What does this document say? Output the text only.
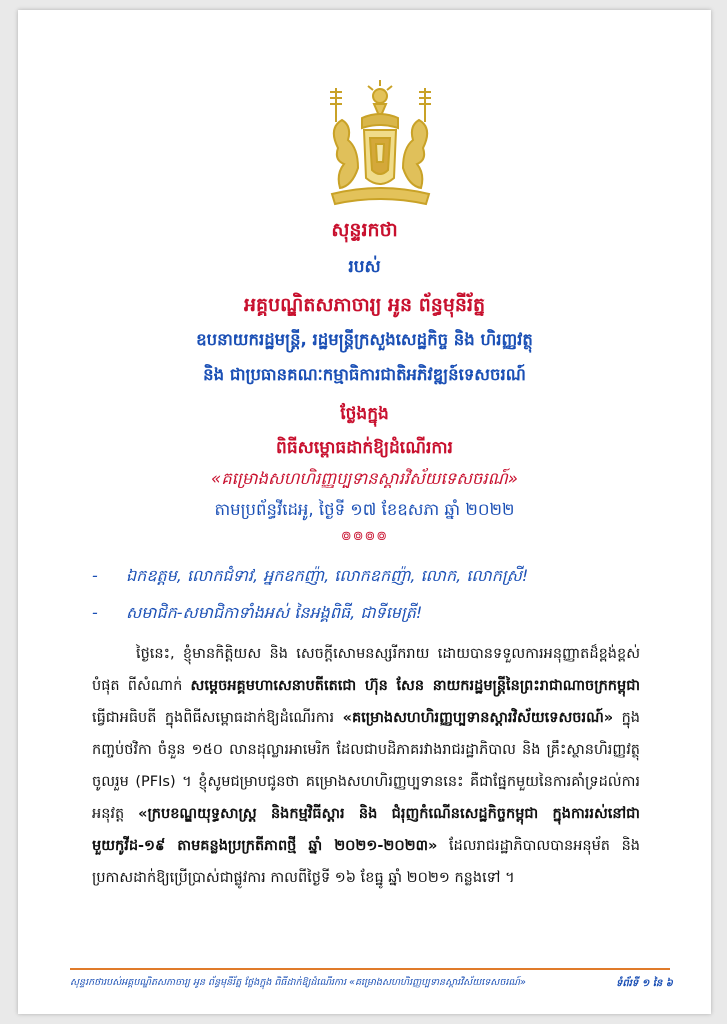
សុន្ទរកថា
របស់
អគ្គបណ្ឌិតសភាចារ្យ អូន ព័ន្ធមុនីរ័ត្ន
ឧបនាយករដ្ឋមន្ត្រី, រដ្ឋមន្ត្រីក្រសួងសេដ្ឋកិច្ច និង ហិរញ្ញវត្ថុ
និង ជាប្រធានគណៈកម្មាធិការជាតិអភិវឌ្ឍន៍ទេសចរណ៍
ថ្លែងក្នុង
ពិធីសម្ពោធដាក់ឱ្យដំណើរការ
«គម្រោងសហហិរញ្ញប្បទានស្តារវិស័យទេសចរណ៍»
តាមប្រព័ន្ធវីដេអូ, ថ្ងៃទី ១៧ ខែឧសភា ឆ្នាំ ២០២២
៙៙៙៙
- ឯកឧត្តម, លោកជំទាវ, អ្នកឧកញ៉ា, លោកឧកញ៉ា, លោក, លោកស្រី!
- សមាជិក-សមាជិកាទាំងអស់ នៃអង្គពិធី, ជាទីមេត្រី!
ថ្ងៃនេះ, ខ្ញុំមានកិត្តិយស និង សេចក្តីសោមនស្សរីករាយ ដោយបានទទួលការអនុញ្ញាតដ៏ខ្ពង់ខ្ពស់បំផុត ពីសំណាក់ សម្តេចអគ្គមហាសេនាបតីតេជោ ហ៊ុន សែន នាយករដ្ឋមន្ត្រីនៃព្រះរាជាណាចក្រកម្ពុជា ធ្វើជាអធិបតី ក្នុងពិធីសម្ពោធដាក់ឱ្យដំណើរការ «គម្រោងសហហិរញ្ញប្បទានស្តារវិស័យទេសចរណ៍» ក្នុងកញ្ចប់ថវិកា ចំនួន ១៥០ លានដុល្លារអាមេរិក ដែលជាបដិភាគរវាងរាជរដ្ឋាភិបាល និង គ្រឹះស្ថានហិរញ្ញវត្ថុចូលរួម (PFIs) ។ ខ្ញុំសូមជម្រាបជូនថា គម្រោងសហហិរញ្ញប្បទាននេះ គឺជាផ្នែកមួយនៃការគាំទ្រដល់ការអនុវត្ត «ក្របខណ្ឌយុទ្ធសាស្ត្រ និងកម្មវិធីស្តារ និង ជំរុញកំណើនសេដ្ឋកិច្ចកម្ពុជា ក្នុងការរស់នៅជាមួយកូវីដ-១៩ តាមគន្លងប្រក្រតីភាពថ្មី ឆ្នាំ ២០២១-២០២៣» ដែលរាជរដ្ឋាភិបាលបានអនុម័ត និង ប្រកាសដាក់ឱ្យប្រើប្រាស់ជាផ្លូវការ កាលពីថ្ងៃទី ១៦ ខែធ្នូ ឆ្នាំ ២០២១ កន្លងទៅ ។
សុន្ទរកថារបស់អគ្គបណ្ឌិតសភាចារ្យ អូន ព័ន្ធមុនីរ័ត្ន ថ្លែងក្នុង ពិធីដាក់ឱ្យដំណើរការ «គម្រោងសហហិរញ្ញប្បទានស្តារវិស័យទេសចរណ៍»	ទំព័រទី ១ នៃ ៦
